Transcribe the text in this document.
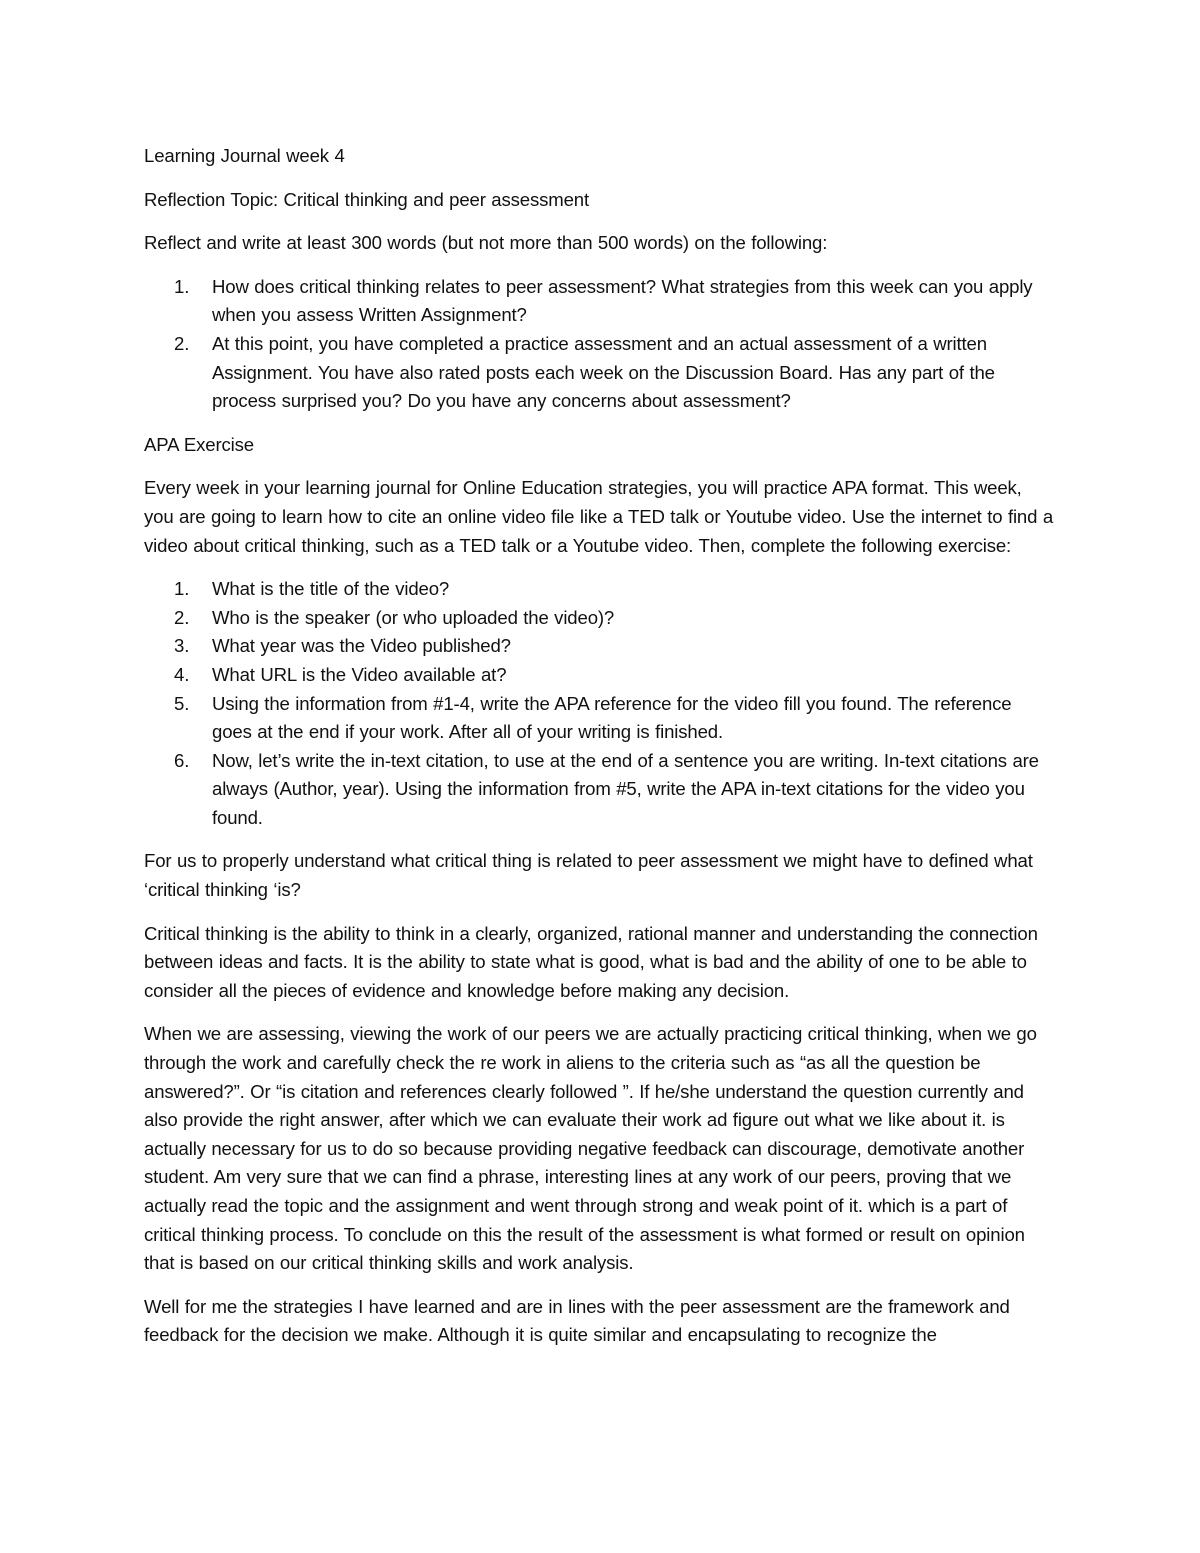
Learning Journal week 4

Reflection Topic: Critical thinking and peer assessment

Reflect and write at least 300 words (but not more than 500 words) on the following:

1. How does critical thinking relates to peer assessment? What strategies from this week can you apply when you assess Written Assignment?
2. At this point, you have completed a practice assessment and an actual assessment of a written Assignment. You have also rated posts each week on the Discussion Board. Has any part of the process surprised you? Do you have any concerns about assessment?

APA Exercise

Every week in your learning journal for Online Education strategies, you will practice APA format. This week, you are going to learn how to cite an online video file like a TED talk or Youtube video. Use the internet to find a video about critical thinking, such as a TED talk or a Youtube video. Then, complete the following exercise:

1. What is the title of the video?
2. Who is the speaker (or who uploaded the video)?
3. What year was the Video published?
4. What URL is the Video available at?
5. Using the information from #1-4, write the APA reference for the video fill you found. The reference goes at the end if your work. After all of your writing is finished.
6. Now, let’s write the in-text citation, to use at the end of a sentence you are writing. In-text citations are always (Author, year). Using the information from #5, write the APA in-text citations for the video you found.

For us to properly understand what critical thing is related to peer assessment we might have to defined what ‘critical thinking ‘is?

Critical thinking is the ability to think in a clearly, organized, rational manner and understanding the connection between ideas and facts. It is the ability to state what is good, what is bad and the ability of one to be able to consider all the pieces of evidence and knowledge before making any decision.

When we are assessing, viewing the work of our peers we are actually practicing critical thinking, when we go through the work and carefully check the re work in aliens to the criteria such as “as all the question be answered?”. Or “is citation and references clearly followed ”. If he/she understand the question currently and also provide the right answer, after which we can evaluate their work ad figure out what we like about it. is actually necessary for us to do so because providing negative feedback can discourage, demotivate another student. Am very sure that we can find a phrase, interesting lines at any work of our peers, proving that we actually read the topic and the assignment and went through strong and weak point of it. which is a part of critical thinking process. To conclude on this the result of the assessment is what formed or result on opinion that is based on our critical thinking skills and work analysis.

Well for me the strategies I have learned and are in lines with the peer assessment are the framework and feedback for the decision we make. Although it is quite similar and encapsulating to recognize the
